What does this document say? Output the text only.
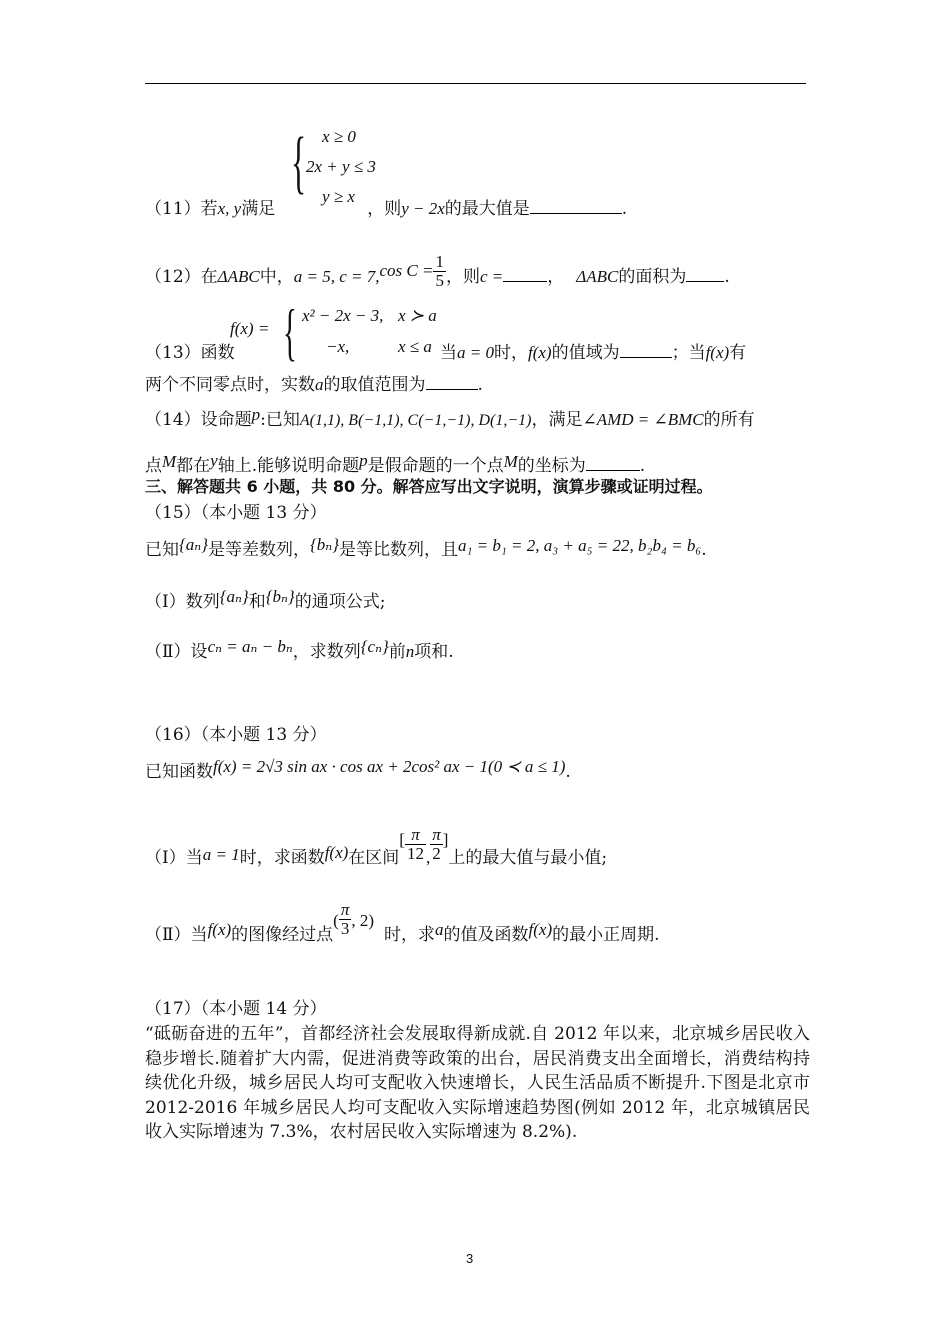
{ x ≥ 0
2x + y ≤ 3
y ≥ x
（11）若x, y满足	，则y − 2x的最大值是	.
（12）在ΔABC中，a = 5, c = 7,cos $C = \frac{1}{5}$ ，则c =	， ΔABC的面积为 .
f(x) = { x² − 2x − 3, x ≻ a
−x,	x ≤ a
（13）函数	当a = 0时，f(x)的值域为	；当f(x)有
两个不同零点时，实数a的取值范围为	.
（14）设命题p:已知A(1,1), B(−1,1), C(−1,−1), D(1,−1)，满足∠AMD = ∠BMC的所有
点M都在y轴上.能够说明命题p是假命题的一个点M的坐标为	.
三、解答题共 6 小题，共 80 分。解答应写出文字说明，演算步骤或证明过程。
（15）（本小题 13 分）
已知{aₙ}是等差数列，{bₙ}是等比数列，且a₁ = b₁ = 2, a₃ + a₅ = 22, b₂b₄ = b₆.
（Ⅰ）数列{aₙ}和{bₙ}的通项公式;
（Ⅱ）设cₙ = aₙ − bₙ，求数列{cₙ}前n项和.
（16）（本小题 13 分）
已知函数f(x) = 2√3 sin ax · cos ax + 2cos² ax − 1(0 ≺ a ≤ 1).
（Ⅰ）当a = 1时，求函数f(x)在区间[ $\frac{\pi}{12}$ , $\frac{\pi}{2}$ ]上的最大值与最小值;
（Ⅱ）当f(x)的图像经过点( $\frac{\pi}{3}$ , 2)时，求a的值及函数f(x)的最小正周期.
（17）（本小题 14 分）
“砥砺奋进的五年”，首都经济社会发展取得新成就.自 2012 年以来，北京城乡居民收入稳步增长.随着扩大内需，促进消费等政策的出台，居民消费支出全面增长，消费结构持续优化升级，城乡居民人均可支配收入快速增长，人民生活品质不断提升.下图是北京市 2012-2016 年城乡居民人均可支配收入实际增速趋势图(例如 2012 年，北京城镇居民收入实际增速为 7.3%，农村居民收入实际增速为 8.2%).
3
